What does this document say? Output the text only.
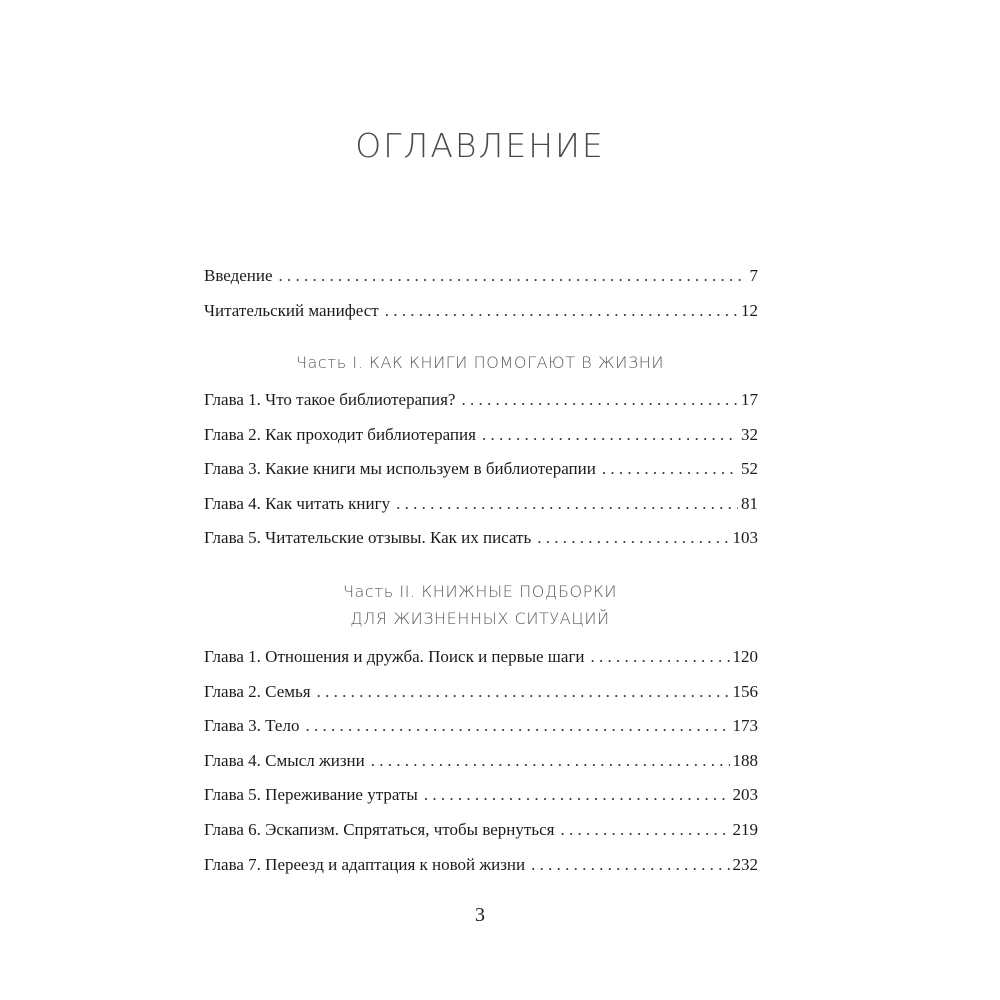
ОГЛАВЛЕНИЕ
Введение . . .	7
Читательский манифест . . .	12

Часть I. КАК КНИГИ ПОМОГАЮТ В ЖИЗНИ

Глава 1. Что такое библиотерапия? . . .	17
Глава 2. Как проходит библиотерапия . . .	32
Глава 3. Какие книги мы используем в библиотерапии . . .	52
Глава 4. Как читать книгу . . .	81
Глава 5. Читательские отзывы. Как их писать . . .	103

Часть II. КНИЖНЫЕ ПОДБОРКИ

ДЛЯ ЖИЗНЕННЫХ СИТУАЦИЙ

Глава 1. Отношения и дружба. Поиск и первые шаги . . .	120
Глава 2. Семья . . .	156
Глава 3. Тело . . .	173
Глава 4. Смысл жизни . . .	188
Глава 5. Переживание утраты . . .	203
Глава 6. Эскапизм. Спрятаться, чтобы вернуться . . .	219
Глава 7. Переезд и адаптация к новой жизни . . .	232
3
